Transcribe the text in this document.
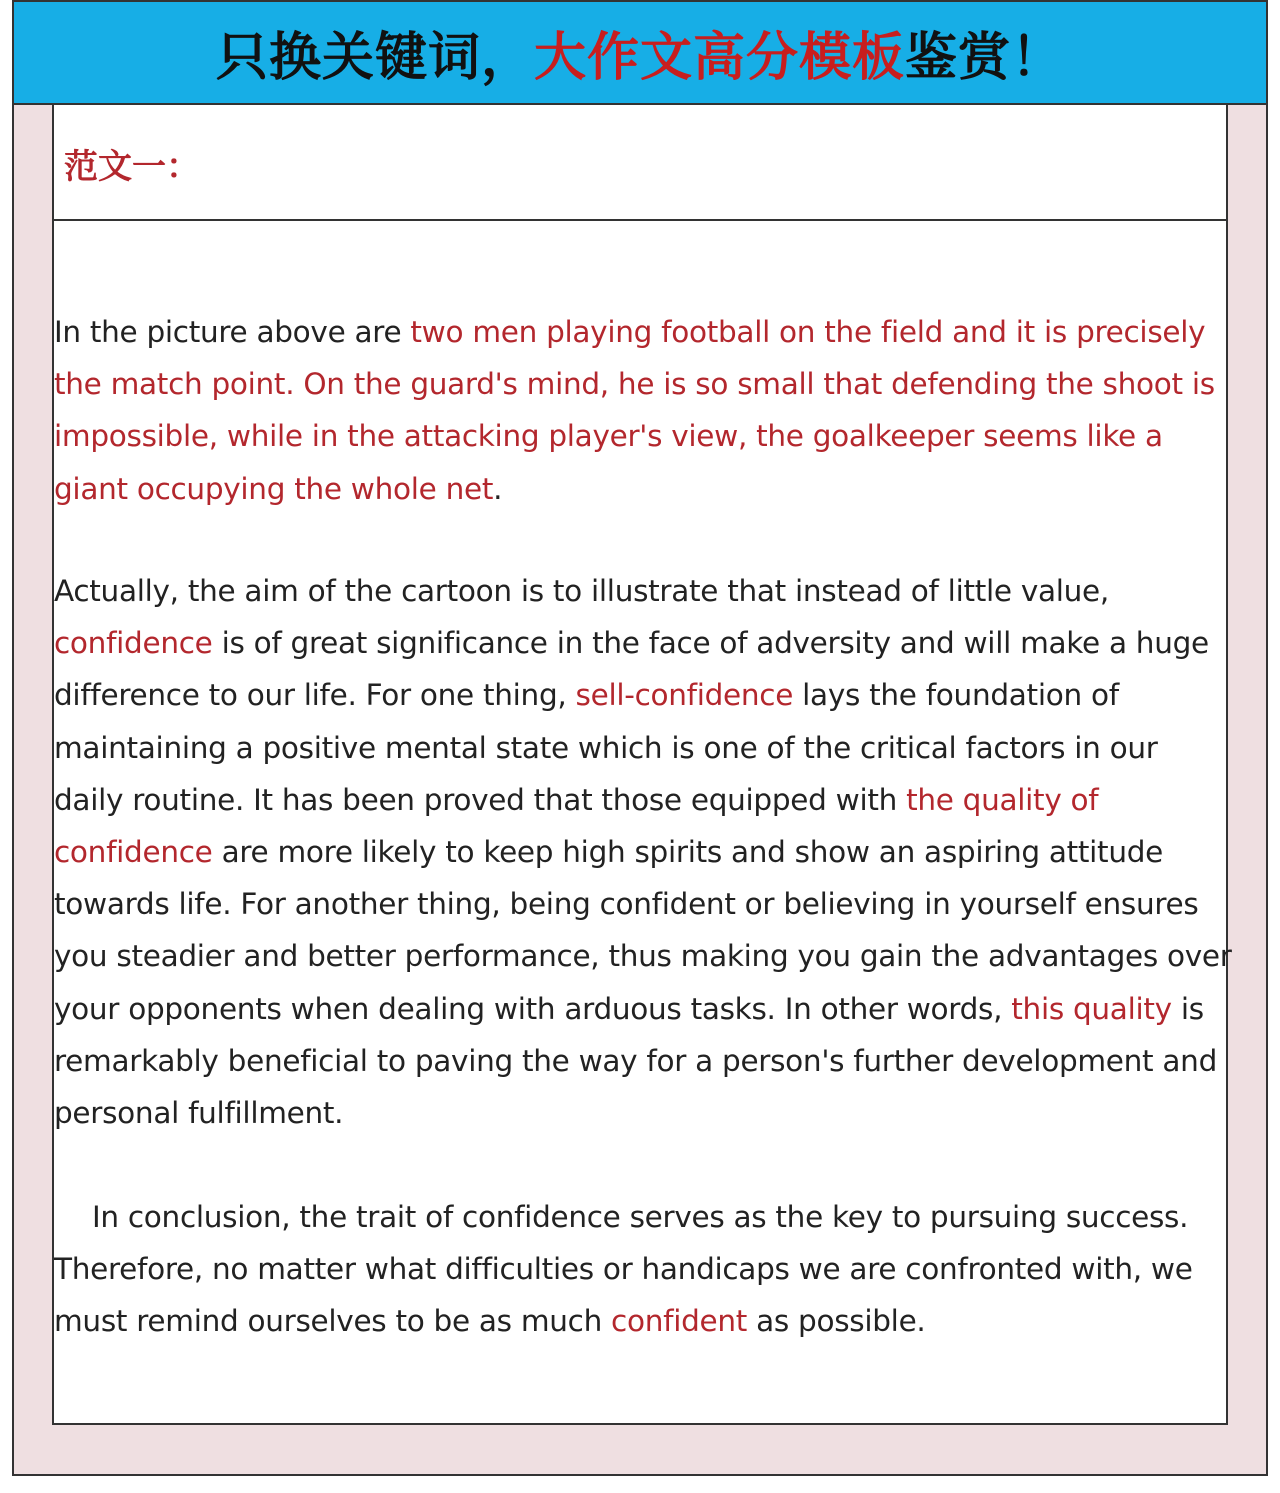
只换关键词， 大作文高分模板 鉴赏！
范文一：
In the picture above are two men playing football on the field and it is precisely the match point. On the guard's mind, he is so small that defending the shoot is impossible, while in the attacking player's view, the goalkeeper seems like a giant occupying the whole net.
Actually, the aim of the cartoon is to illustrate that instead of little value, confidence is of great significance in the face of adversity and will make a huge difference to our life. For one thing, sell-confidence lays the foundation of maintaining a positive mental state which is one of the critical factors in our daily routine. It has been proved that those equipped with the quality of confidence are more likely to keep high spirits and show an aspiring attitude towards life. For another thing, being confident or believing in yourself ensures you steadier and better performance, thus making you gain the advantages over your opponents when dealing with arduous tasks. In other words, this quality is remarkably beneficial to paving the way for a person's further development and personal fulfillment.
In conclusion, the trait of confidence serves as the key to pursuing success. Therefore, no matter what difficulties or handicaps we are confronted with, we must remind ourselves to be as much confident as possible.
